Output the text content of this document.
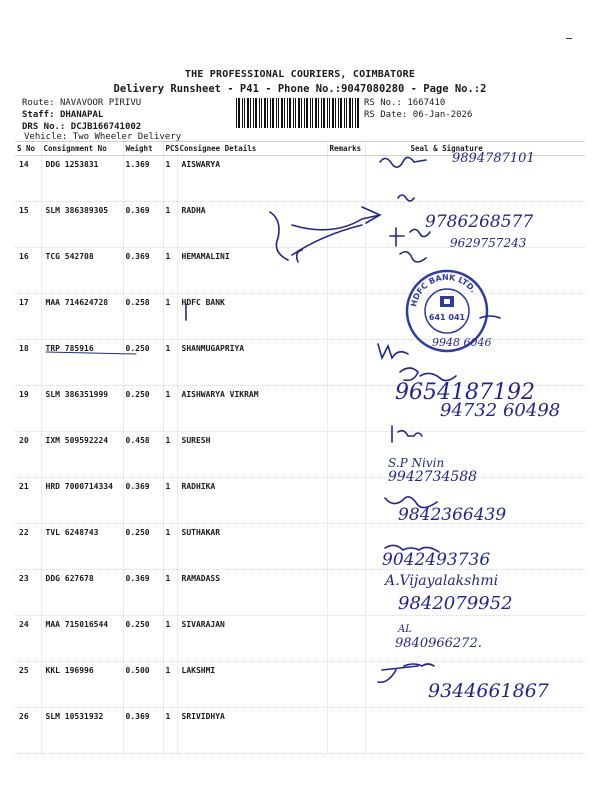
THE PROFESSIONAL COURIERS, COIMBATORE
Delivery Runsheet - P41 - Phone No.:9047080280 - Page No.:2
Route: NAVAVOOR PIRIVU
Staff: DHANAPAL
DRS No.: DCJB166741002
Vehicle: Two Wheeler Delivery
RS No.: 1667410
RS Date: 06-Jan-2026
S No	Consignment No	Weight	PCS	Consignee Details	Remarks	Seal & Signature
14	DDG 1253831	1.369	1	AISWARYA		
15	SLM 386389305	0.369	1	RADHA		
16	TCG 542708	0.369	1	HEMAMALINI		
17	MAA 714624728	0.258	1	HDFC BANK		
18	TRP 785916	0.250	1	SHANMUGAPRIYA		
19	SLM 386351999	0.250	1	AISHWARYA VIKRAM		
20	IXM 509592224	0.458	1	SURESH		
21	HRD 7000714334	0.369	1	RADHIKA		
22	TVL 6248743	0.250	1	SUTHAKAR		
23	DDG 627678	0.369	1	RAMADASS		
24	MAA 715016544	0.250	1	SIVARAJAN		
25	KKL 196996	0.500	1	LAKSHMI		
26	SLM 10531932	0.369	1	SRIVIDHYA		
HDFC BANK LTD.
641 041
9894787101
9786268577
9629757243
9948 6046
9654187192
94732 60498
S.P Nivin
9942734588
9842366439
9042493736
A.Vijayalakshmi
9842079952
AL
9840966272.
9344661867
